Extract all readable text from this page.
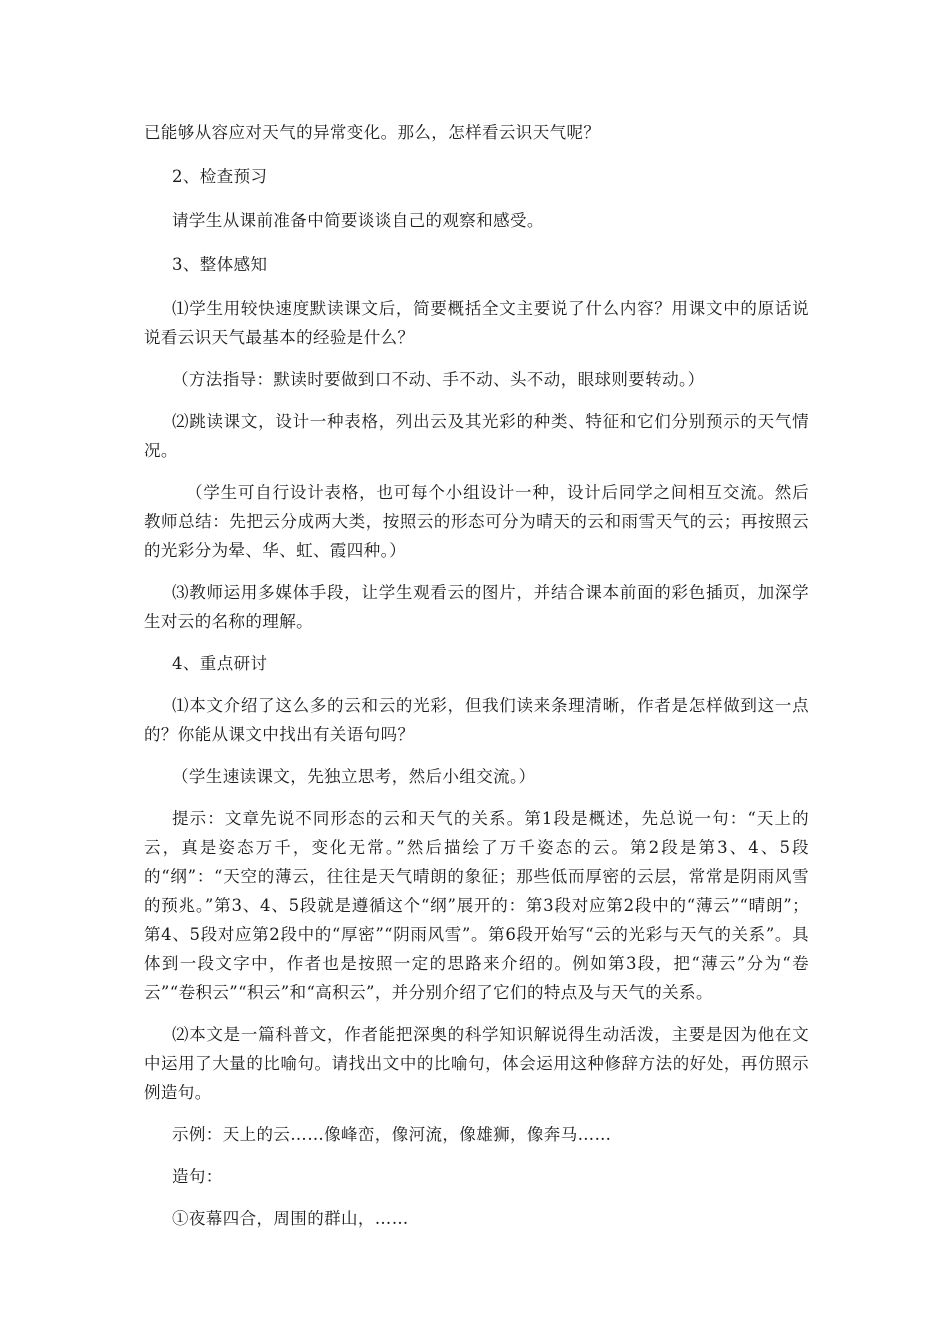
已能够从容应对天气的异常变化。那么，怎样看云识天气呢？

2、检查预习

请学生从课前准备中简要谈谈自己的观察和感受。

3、整体感知

⑴学生用较快速度默读课文后，简要概括全文主要说了什么内容？用课文中的原话说说看云识天气最基本的经验是什么？

（方法指导：默读时要做到口不动、手不动、头不动，眼球则要转动。）

⑵跳读课文，设计一种表格，列出云及其光彩的种类、特征和它们分别预示的天气情况。

（学生可自行设计表格，也可每个小组设计一种，设计后同学之间相互交流。然后教师总结：先把云分成两大类，按照云的形态可分为晴天的云和雨雪天气的云；再按照云的光彩分为晕、华、虹、霞四种。）

⑶教师运用多媒体手段，让学生观看云的图片，并结合课本前面的彩色插页，加深学生对云的名称的理解。

4、重点研讨

⑴本文介绍了这么多的云和云的光彩，但我们读来条理清晰，作者是怎样做到这一点的？你能从课文中找出有关语句吗？

（学生速读课文，先独立思考，然后小组交流。）

提示：文章先说不同形态的云和天气的关系。第1段是概述，先总说一句：“天上的云，真是姿态万千，变化无常。”然后描绘了万千姿态的云。第2段是第3、4、5段的“纲”：“天空的薄云，往往是天气晴朗的象征；那些低而厚密的云层，常常是阴雨风雪的预兆。”第3、4、5段就是遵循这个“纲”展开的：第3段对应第2段中的“薄云”“晴朗”；第4、5段对应第2段中的“厚密”“阴雨风雪”。第6段开始写“云的光彩与天气的关系”。具体到一段文字中，作者也是按照一定的思路来介绍的。例如第3段，把“薄云”分为“卷云”“卷积云”“积云”和“高积云”，并分别介绍了它们的特点及与天气的关系。

⑵本文是一篇科普文，作者能把深奥的科学知识解说得生动活泼，主要是因为他在文中运用了大量的比喻句。请找出文中的比喻句，体会运用这种修辞方法的好处，再仿照示例造句。

示例：天上的云……像峰峦，像河流，像雄狮，像奔马……

造句：

①夜幕四合，周围的群山，……
